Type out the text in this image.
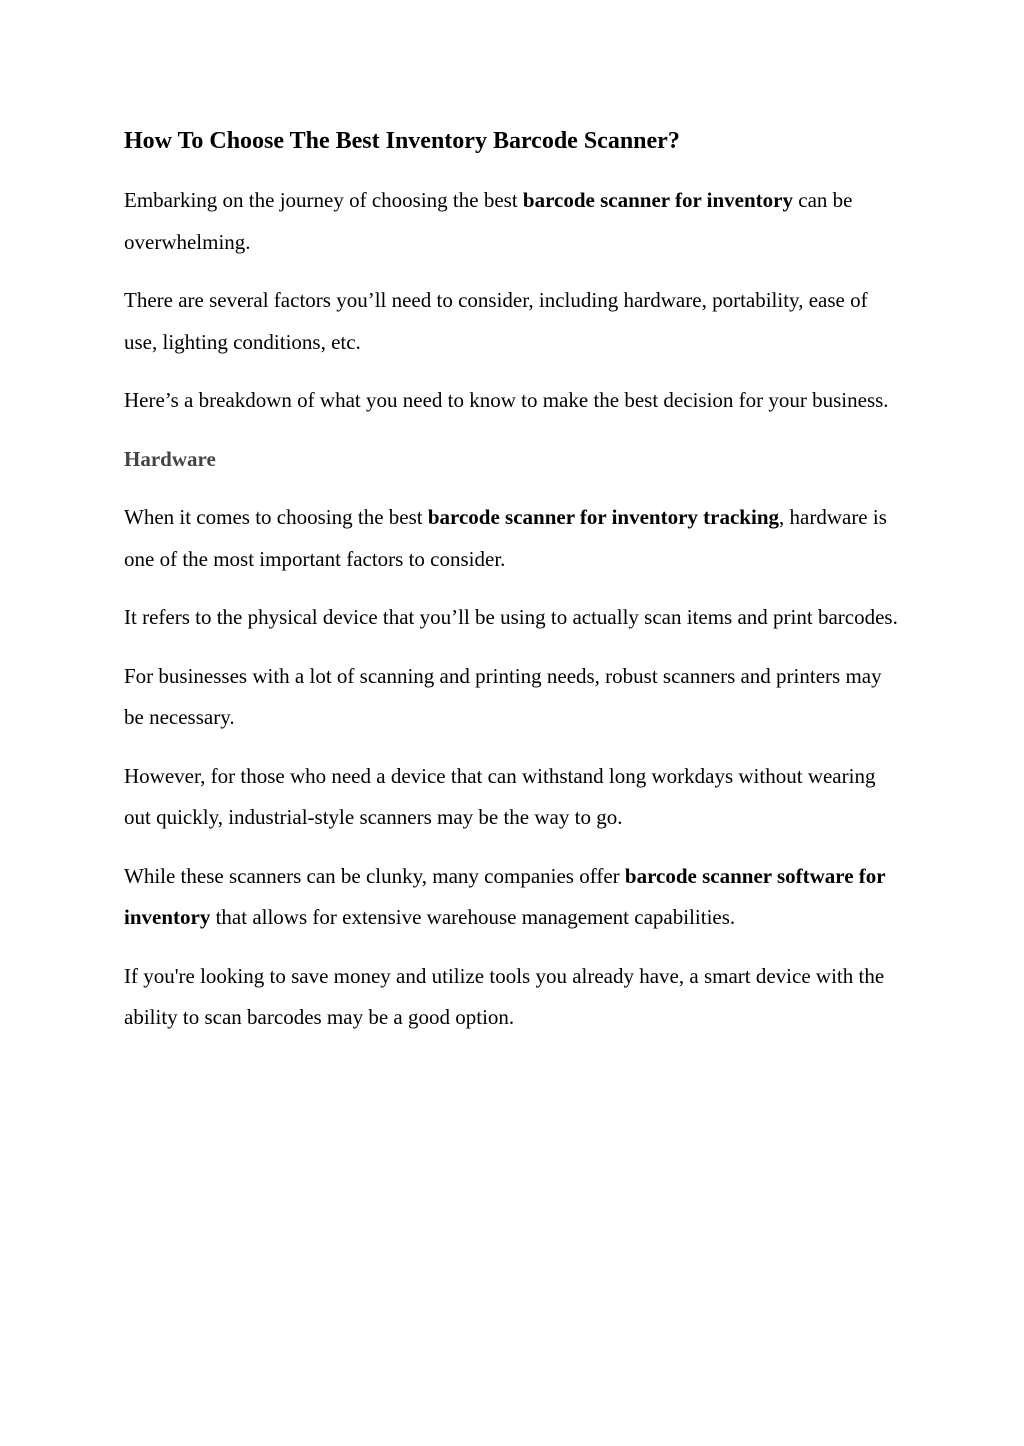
How To Choose The Best Inventory Barcode Scanner?

Embarking on the journey of choosing the best barcode scanner for inventory can be overwhelming.

There are several factors you’ll need to consider, including hardware, portability, ease of use, lighting conditions, etc.

Here’s a breakdown of what you need to know to make the best decision for your business.

Hardware

When it comes to choosing the best barcode scanner for inventory tracking, hardware is one of the most important factors to consider.

It refers to the physical device that you’ll be using to actually scan items and print barcodes.

For businesses with a lot of scanning and printing needs, robust scanners and printers may be necessary.

However, for those who need a device that can withstand long workdays without wearing out quickly, industrial-style scanners may be the way to go.

While these scanners can be clunky, many companies offer barcode scanner software for inventory that allows for extensive warehouse management capabilities.

If you're looking to save money and utilize tools you already have, a smart device with the ability to scan barcodes may be a good option.
